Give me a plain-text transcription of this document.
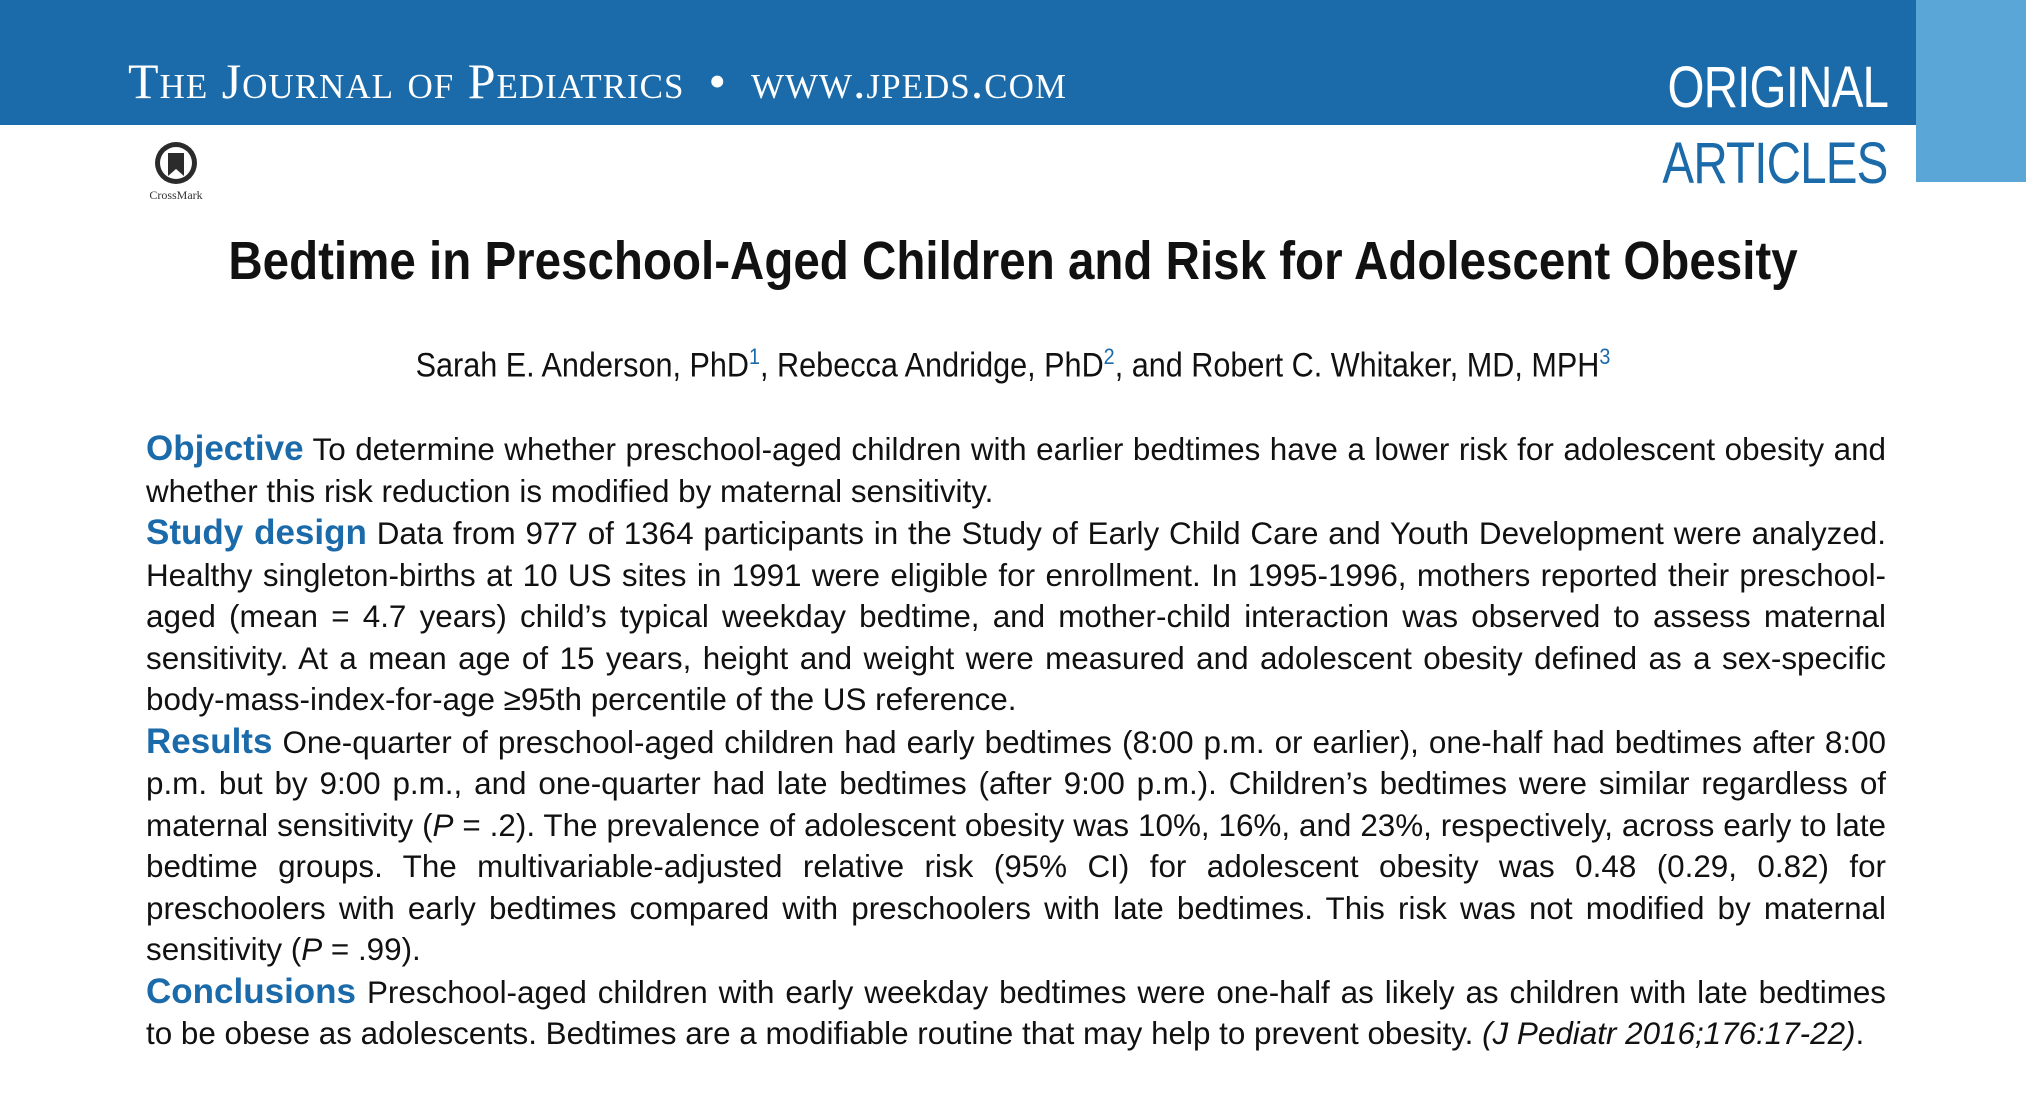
The Journal of Pediatrics • www.jpeds.com	ORIGINAL
ARTICLES
CrossMark
Bedtime in Preschool-Aged Children and Risk for Adolescent Obesity
Sarah E. Anderson, PhD$^1$, Rebecca Andridge, PhD$^2$, and Robert C. Whitaker, MD, MPH$^3$

Objective To determine whether preschool-aged children with earlier bedtimes have a lower risk for adolescent obesity and whether this risk reduction is modified by maternal sensitivity.

Study design Data from 977 of 1364 participants in the Study of Early Child Care and Youth Development were analyzed. Healthy singleton-births at 10 US sites in 1991 were eligible for enrollment. In 1995-1996, mothers reported their preschool-aged (mean = 4.7 years) child’s typical weekday bedtime, and mother-child interaction was observed to assess maternal sensitivity. At a mean age of 15 years, height and weight were measured and adolescent obesity defined as a sex-specific body-mass-index-for-age ≥95th percentile of the US reference.

Results One-quarter of preschool-aged children had early bedtimes (8:00 p.m. or earlier), one-half had bedtimes after 8:00 p.m. but by 9:00 p.m., and one-quarter had late bedtimes (after 9:00 p.m.). Children’s bedtimes were similar regardless of maternal sensitivity (P = .2). The prevalence of adolescent obesity was 10%, 16%, and 23%, respectively, across early to late bedtime groups. The multivariable-adjusted relative risk (95% CI) for adolescent obesity was 0.48 (0.29, 0.82) for preschoolers with early bedtimes compared with preschoolers with late bedtimes. This risk was not modified by maternal sensitivity (P = .99).

Conclusions Preschool-aged children with early weekday bedtimes were one-half as likely as children with late bedtimes to be obese as adolescents. Bedtimes are a modifiable routine that may help to prevent obesity. (J Pediatr 2016;176:17-22).
